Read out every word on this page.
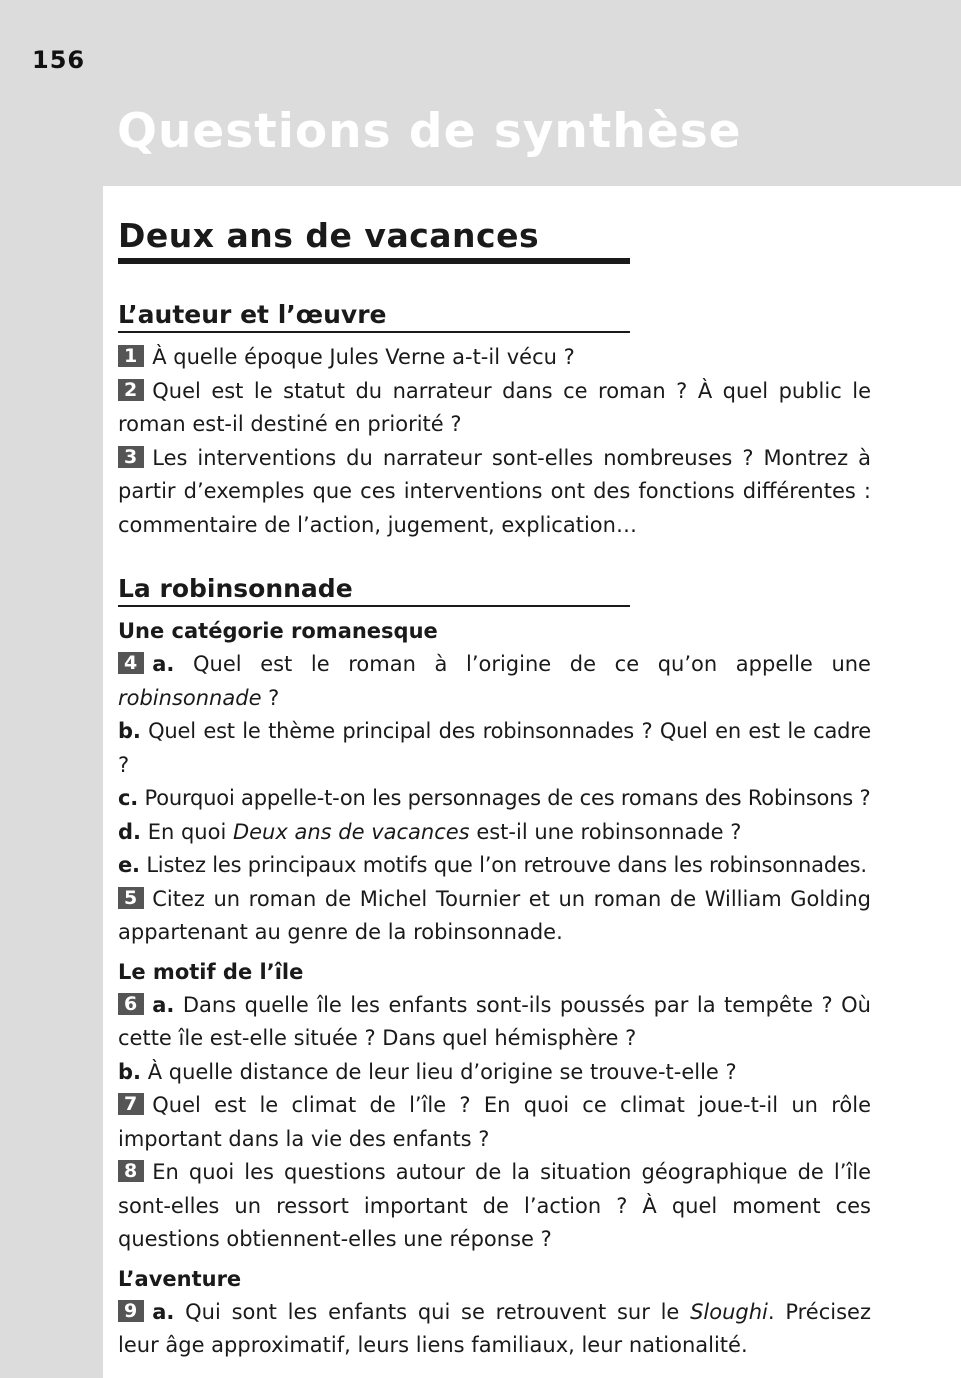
156
Questions de synthèse
Deux ans de vacances
L’auteur et l’œuvre

1 À quelle époque Jules Verne a-t-il vécu ?

2 Quel est le statut du narrateur dans ce roman ? À quel public le roman est-il destiné en priorité ?

3 Les interventions du narrateur sont-elles nombreuses ? Montrez à partir d’exemples que ces interventions ont des fonctions différentes : commentaire de l’action, jugement, explication…

La robinsonnade
Une catégorie romanesque

4 a. Quel est le roman à l’origine de ce qu’on appelle une robinsonnade ?

b. Quel est le thème principal des robinsonnades ? Quel en est le cadre ?

c. Pourquoi appelle-t-on les personnages de ces romans des Robinsons ?

d. En quoi Deux ans de vacances est-il une robinsonnade ?

e. Listez les principaux motifs que l’on retrouve dans les robinsonnades.

5 Citez un roman de Michel Tournier et un roman de William Golding appartenant au genre de la robinsonnade.

Le motif de l’île

6 a. Dans quelle île les enfants sont-ils poussés par la tempête ? Où cette île est-elle située ? Dans quel hémisphère ?

b. À quelle distance de leur lieu d’origine se trouve-t-elle ?

7 Quel est le climat de l’île ? En quoi ce climat joue-t-il un rôle important dans la vie des enfants ?

8 En quoi les questions autour de la situation géographique de l’île sont-elles un ressort important de l’action ? À quel moment ces questions obtiennent-elles une réponse ?

L’aventure

9 a. Qui sont les enfants qui se retrouvent sur le Sloughi. Précisez leur âge approximatif, leurs liens familiaux, leur nationalité.
